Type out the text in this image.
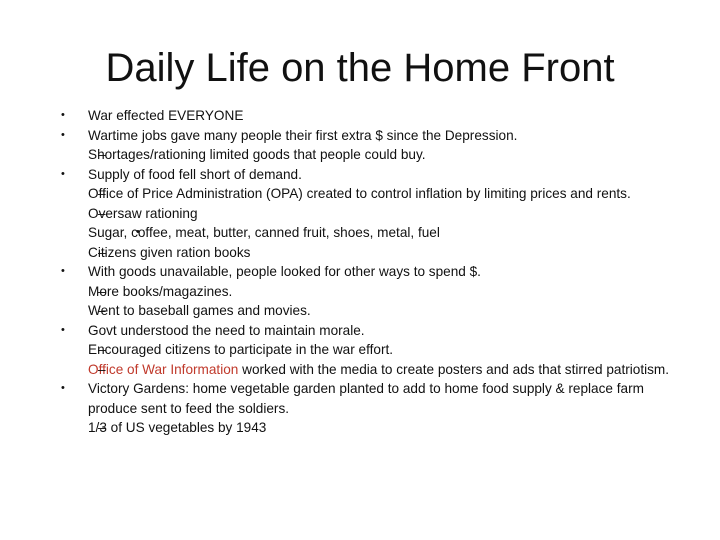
Daily Life on the Home Front
• War effected EVERYONE
• Wartime jobs gave many people their first extra $ since the Depression.
– Shortages/rationing limited goods that people could buy.
• Supply of food fell short of demand.
– Office of Price Administration (OPA) created to control inflation by limiting prices and rents.
– Oversaw rationing
• Sugar, coffee, meat, butter, canned fruit, shoes, metal, fuel
– Citizens given ration books
• With goods unavailable, people looked for other ways to spend $.
– More books/magazines.
– Went to baseball games and movies.
• Govt understood the need to maintain morale.
– Encouraged citizens to participate in the war effort.
– Office of War Information worked with the media to create posters and ads that stirred patriotism.
• Victory Gardens: home vegetable garden planted to add to home food supply & replace farm produce sent to feed the soldiers.
– 1/3 of US vegetables by 1943
